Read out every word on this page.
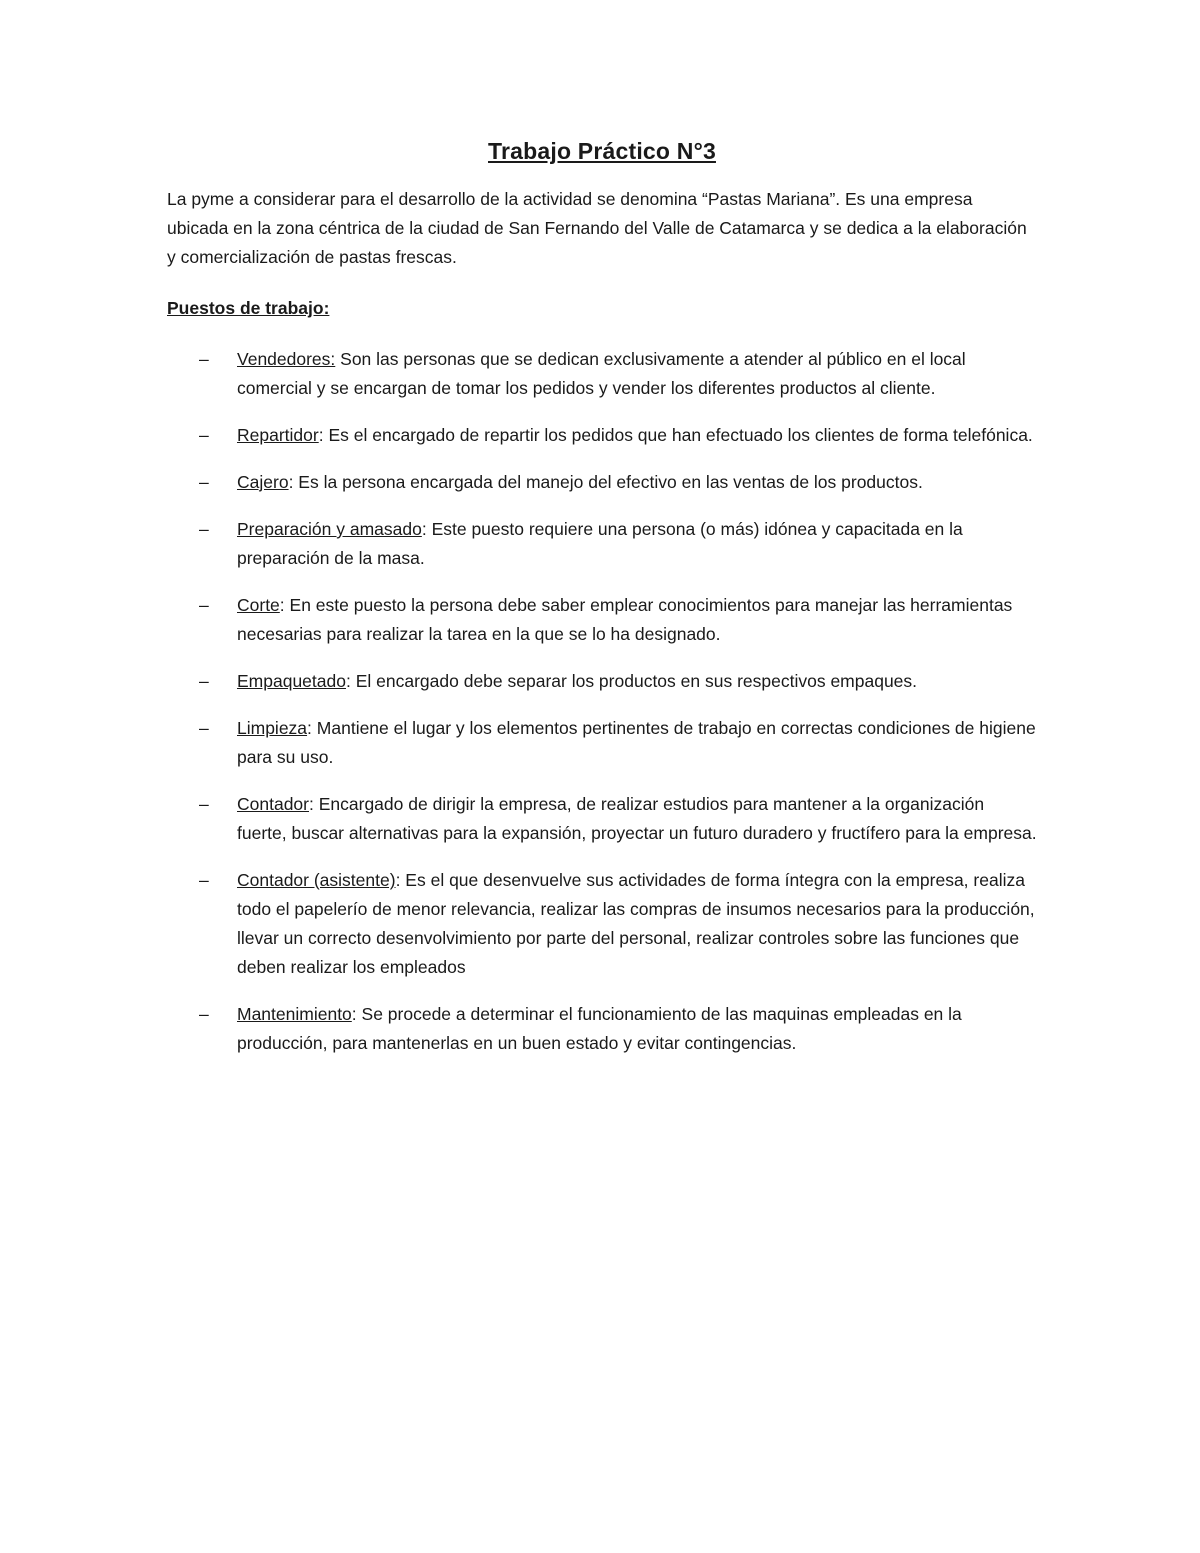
Trabajo Práctico N°3

La pyme a considerar para el desarrollo de la actividad se denomina “Pastas Mariana”. Es una empresa ubicada en la zona céntrica de la ciudad de San Fernando del Valle de Catamarca y se dedica a la elaboración y comercialización de pastas frescas.

Puestos de trabajo:
– Vendedores: Son las personas que se dedican exclusivamente a atender al público en el local comercial y se encargan de tomar los pedidos y vender los diferentes productos al cliente.
– Repartidor: Es el encargado de repartir los pedidos que han efectuado los clientes de forma telefónica.
– Cajero: Es la persona encargada del manejo del efectivo en las ventas de los productos.
– Preparación y amasado: Este puesto requiere una persona (o más) idónea y capacitada en la preparación de la masa.
– Corte: En este puesto la persona debe saber emplear conocimientos para manejar las herramientas necesarias para realizar la tarea en la que se lo ha designado.
– Empaquetado: El encargado debe separar los productos en sus respectivos empaques.
– Limpieza: Mantiene el lugar y los elementos pertinentes de trabajo en correctas condiciones de higiene para su uso.
– Contador: Encargado de dirigir la empresa, de realizar estudios para mantener a la organización fuerte, buscar alternativas para la expansión, proyectar un futuro duradero y fructífero para la empresa.
– Contador (asistente): Es el que desenvuelve sus actividades de forma íntegra con la empresa, realiza todo el papelerío de menor relevancia, realizar las compras de insumos necesarios para la producción, llevar un correcto desenvolvimiento por parte del personal, realizar controles sobre las funciones que deben realizar los empleados
– Mantenimiento: Se procede a determinar el funcionamiento de las maquinas empleadas en la producción, para mantenerlas en un buen estado y evitar contingencias.
